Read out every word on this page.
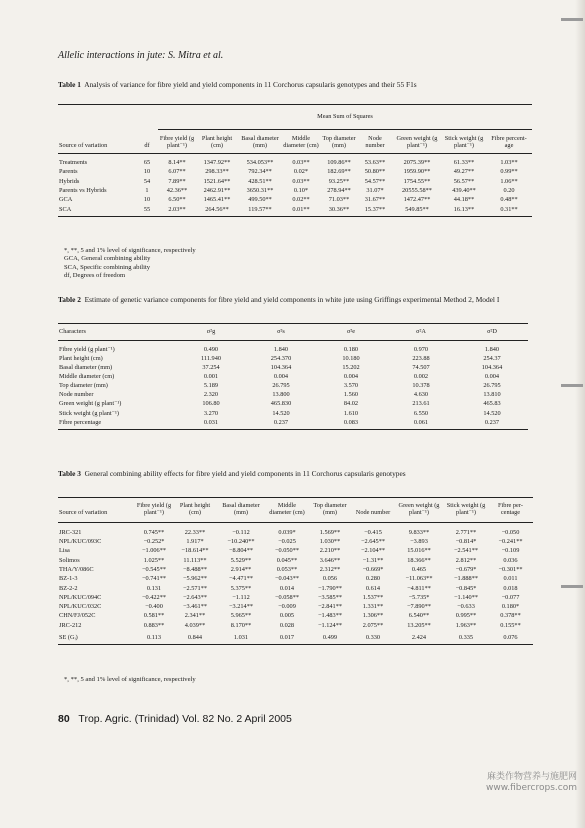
Allelic interactions in jute: S. Mitra et al.
Table 1 Analysis of variance for fibre yield and yield components in 11 Corchorus capsularis genotypes and their 55 F1s
		Mean Sum of Squares								
Source of variation	df	Fibre yield (g plant⁻¹)	Plant height (cm)	Basal diameter (mm)	Middle diameter (cm)	Top diameter (mm)	Node number	Green weight (g plant⁻¹)	Stick weight (g plant⁻¹)	Fibre percent-age
Treatments	65	8.14**	1347.92**	534.053**	0.03**	109.86**	53.63**	2075.39**	61.33**	1.03**
Parents	10	6.07**	298.33**	792.34**	0.02*	182.69**	50.80**	1959.90**	49.27**	0.99**
Hybrids	54	7.89**	1521.64**	428.51**	0.03**	93.25**	54.57**	1754.55**	56.57**	1.06**
Parents vs Hybrids	1	42.36**	2462.91**	3650.31**	0.10*	278.94**	31.07*	20555.58**	439.40**	0.20
GCA	10	6.50**	1465.41**	499.50**	0.02**	71.03**	31.67**	1472.47**	44.18**	0.48**
SCA	55	2.03**	264.56**	119.57**	0.01**	30.36**	15.37**	549.85**	16.13**	0.31**
*, **, 5 and 1% level of significance, respectively
GCA, General combining ability
SCA, Specific combining ability
df, Degrees of freedom
Table 2 Estimate of genetic variance components for fibre yield and yield components in white jute using Griffings experimental Method 2, Model I
Characters	σ²g	σ²s	σ²e	σ²A	σ²D
Fibre yield (g plant⁻¹)	0.490	1.840	0.180	0.970	1.840
Plant height (cm)	111.940	254.370	10.180	223.88	254.37
Basal diameter (mm)	37.254	104.364	15.202	74.507	104.364
Middle diameter (cm)	0.001	0.004	0.004	0.002	0.004
Top diameter (mm)	5.189	26.795	3.570	10.378	26.795
Node number	2.320	13.800	1.560	4.630	13.810
Green weight (g plant⁻¹)	106.80	465.830	84.02	213.61	465.83
Stick weight (g plant⁻¹)	3.270	14.520	1.610	6.550	14.520
Fibre percentage	0.031	0.237	0.083	0.061	0.237
Table 3 General combining ability effects for fibre yield and yield components in 11 Corchorus capsularis genotypes
Source of variation	Fibre yield (g plant⁻¹)	Plant height (cm)	Basal diameter (mm)	Middle diameter (cm)	Top diameter (mm)	Node number	Green weight (g plant⁻¹)	Stick weight (g plant⁻¹)	Fibre per-centage
JRC-321	0.745**	22.33**	−0.112	0.039*	1.569**	−0.415	9.833**	2.771**	−0.050
NPL/KUC/093C	−0.252*	1.917*	−10.240**	−0.025	1.030**	−2.645**	−3.893	−0.814*	−0.241**
Lisa	−1.006**	−18.614**	−8.804**	−0.050**	2.210**	−2.104**	15.016**	−2.541**	−0.109
Solimos	1.025**	11.113**	5.529**	0.045**	3.646**	−1.31**	18.366**	2.812**	0.036
THA/Y/086C	−0.545**	−8.488**	2.914**	0.053**	2.312**	−0.669*	0.465	−0.679*	−0.301**
BZ-1-3	−0.741**	−5.962**	−4.471**	−0.043**	0.056	0.280	−11.063**	−1.888**	0.011
BZ-2-2	0.131	−2.571**	5.375**	0.014	−1.790**	0.614	−4.811**	−0.845*	0.018
NPL/KUC/094C	−0.422**	−2.643**	−1.112	−0.058**	−3.585**	1.537**	−5.735*	−1.140**	−0.077
NPL/KUC/032C	−0.400	−3.461**	−3.214**	−0.009	−2.841**	1.331**	−7.890**	−0.633	0.180*
CHN/FJ/052C	0.581**	2.341**	5.965**	0.005	−1.483**	1.306**	6.540**	0.995**	0.378**
JRC-212	0.883**	4.039**	8.170**	0.028	−1.124**	2.075**	13.205**	1.963**	0.155**
SE (Gᵢ)	0.113	0.844	1.031	0.017	0.499	0.330	2.424	0.335	0.076
*, **, 5 and 1% level of significance, respectively
80 Trop. Agric. (Trinidad) Vol. 82 No. 2 April 2005
麻类作物营养与施肥网
www.fibercrops.com
